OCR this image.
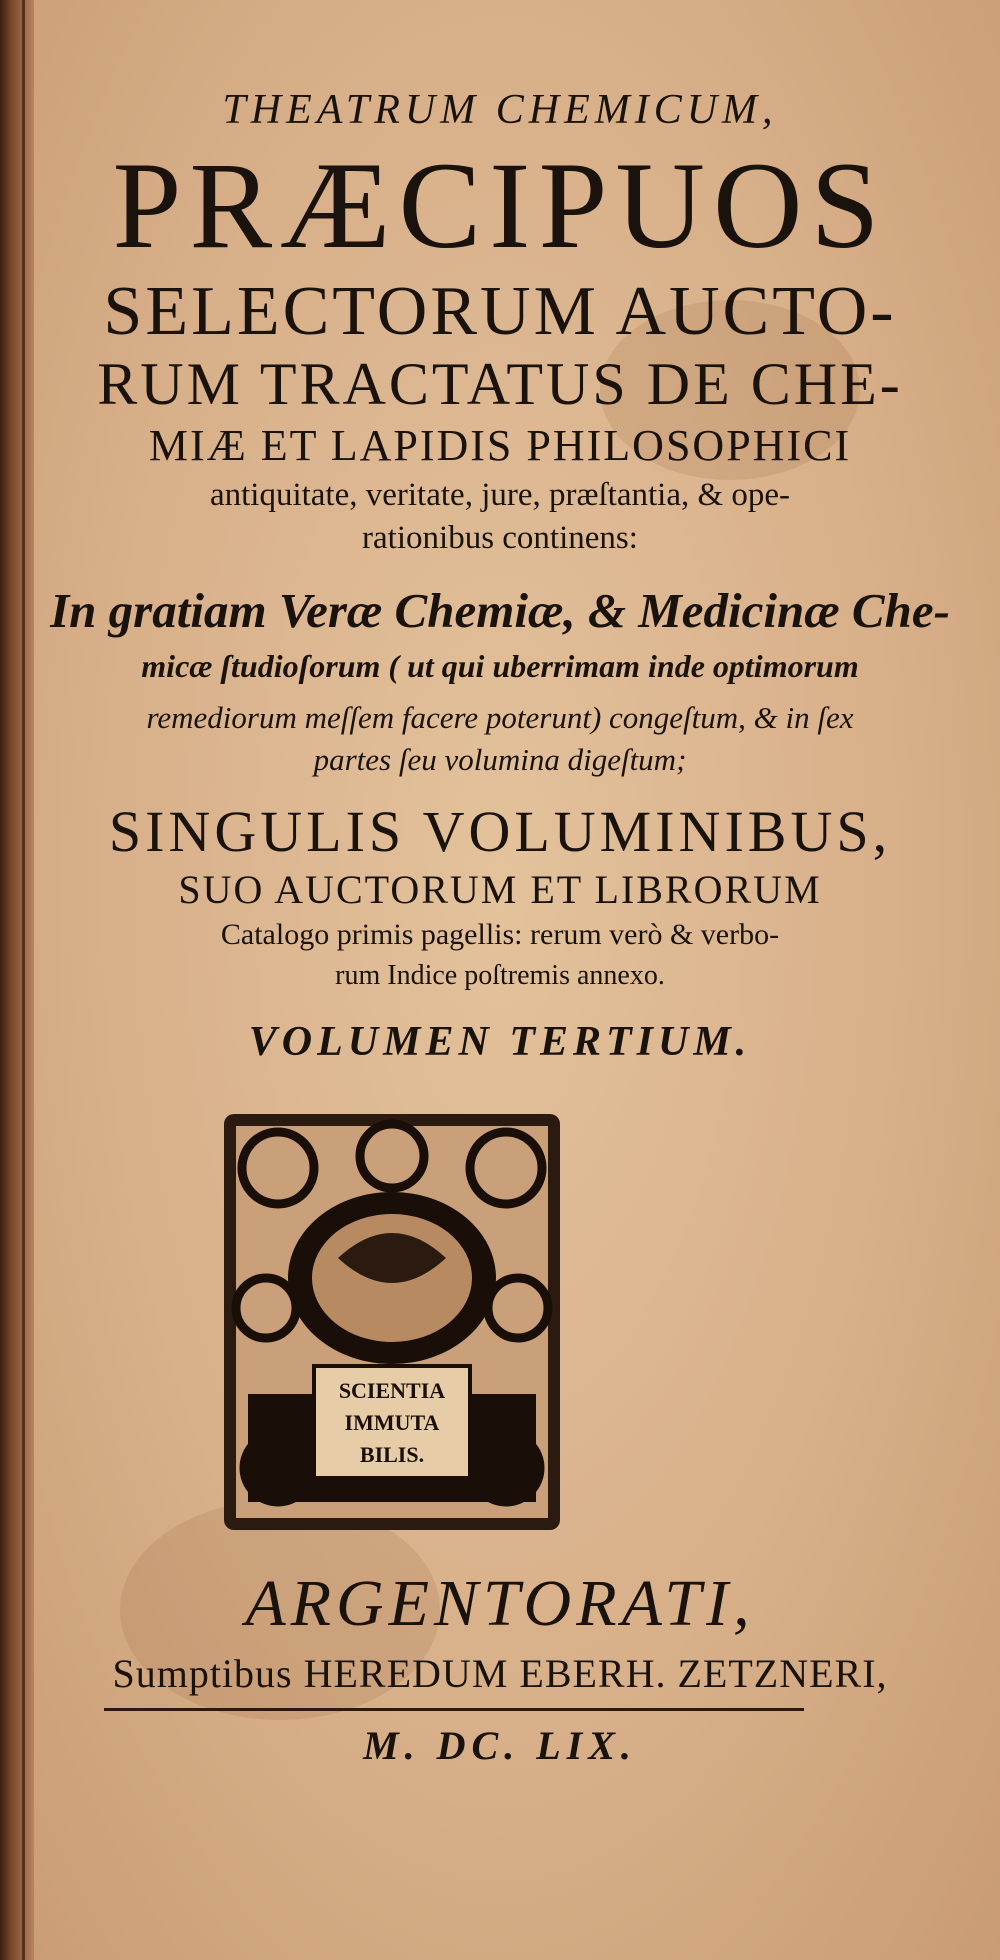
THEATRUM CHEMICUM,
PRÆCIPUOS
SELECTORUM AUCTO-
RUM TRACTATUS DE CHE-
MIÆ ET LAPIDIS PHILOSOPHICI
antiquitate, veritate, jure, præſtantia, & ope-
rationibus continens:
In gratiam Veræ Chemiæ, & Medicinæ Che-
micæ ſtudioſorum ( ut qui uberrimam inde optimorum
remediorum meſſem facere poterunt) congeſtum, & in ſex
partes ſeu volumina digeſtum;
SINGULIS VOLUMINIBUS,
SUO AUCTORUM ET LIBRORUM
Catalogo primis pagellis: rerum verò & verbo-
rum Indice poſtremis annexo.
VOLUMEN TERTIUM.
SCIENTIA
IMMUTA
BILIS.
ARGENTORATI,
Sumptibus HEREDUM EBERH. ZETZNERI,
M. DC. LIX.
